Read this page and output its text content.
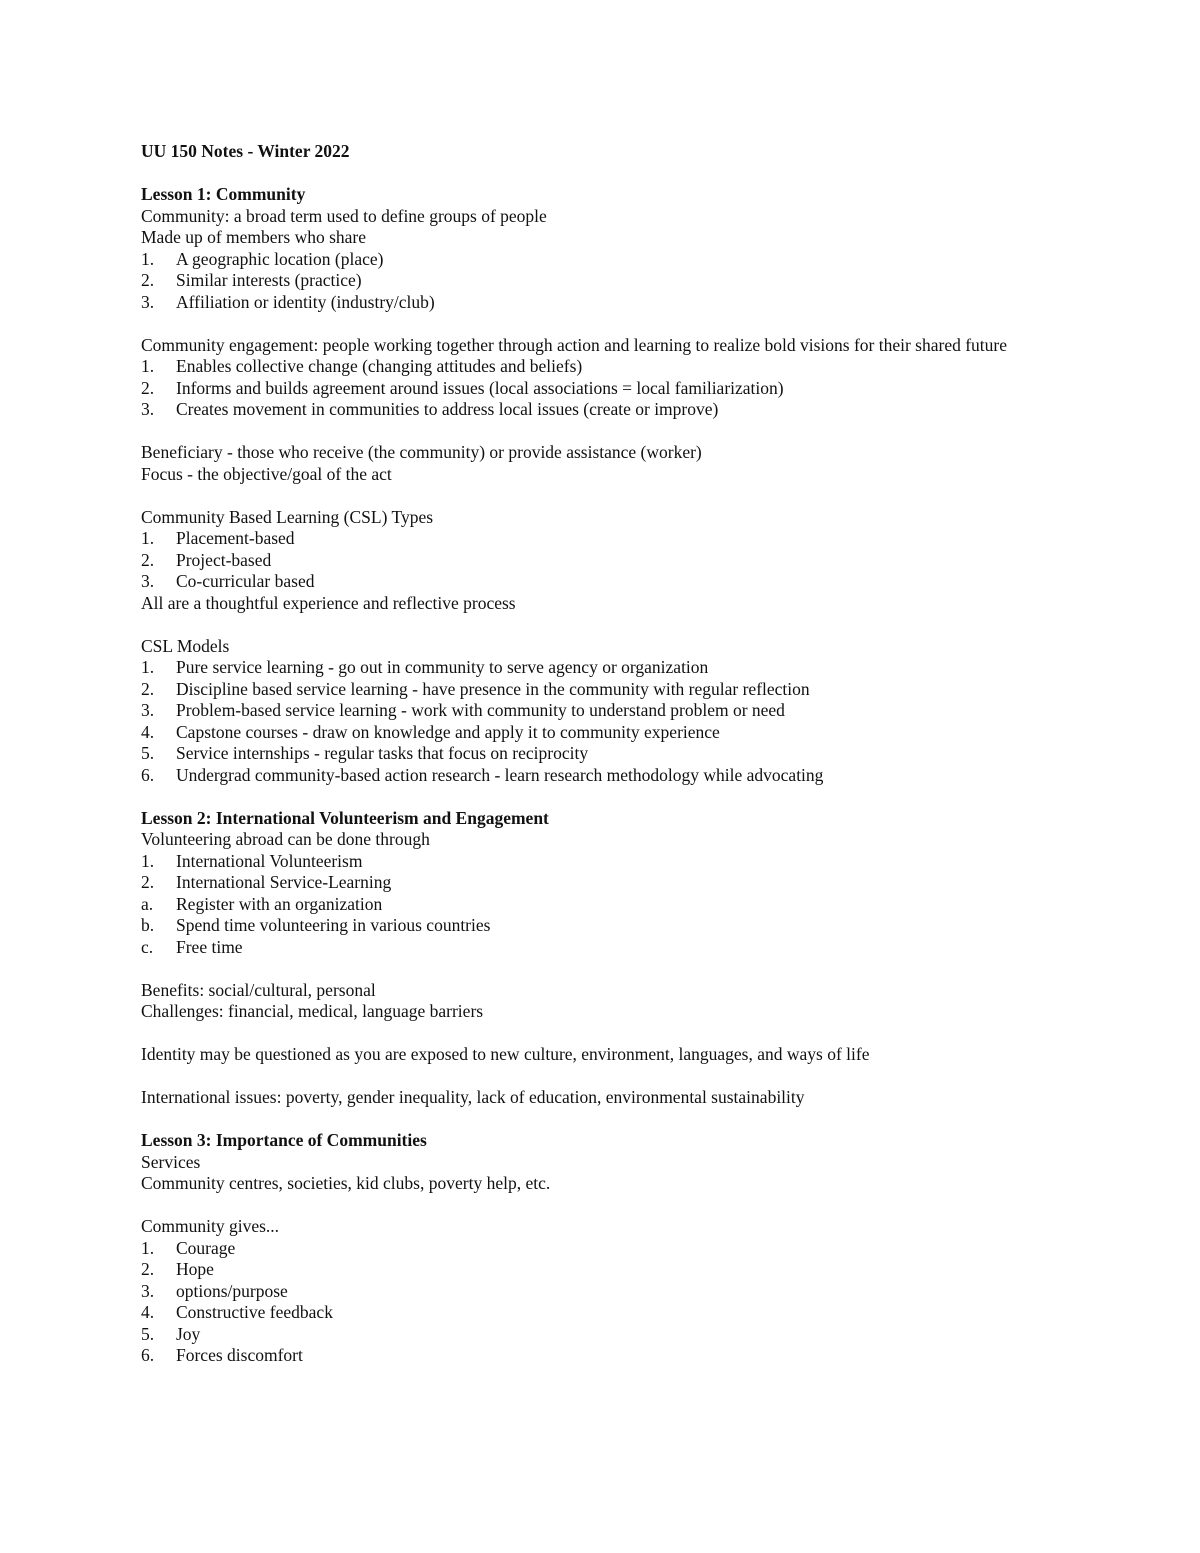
UU 150 Notes - Winter 2022
Lesson 1: Community
Community: a broad term used to define groups of people
Made up of members who share
1.	A geographic location (place)
2.	Similar interests (practice)
3.	Affiliation or identity (industry/club)
Community engagement: people working together through action and learning to realize bold visions for their shared future
1.	Enables collective change (changing attitudes and beliefs)
2.	Informs and builds agreement around issues (local associations = local familiarization)
3.	Creates movement in communities to address local issues (create or improve)
Beneficiary - those who receive (the community) or provide assistance (worker)
Focus - the objective/goal of the act
Community Based Learning (CSL) Types
1.	Placement-based
2.	Project-based
3.	Co-curricular based
All are a thoughtful experience and reflective process
CSL Models
1.	Pure service learning - go out in community to serve agency or organization
2.	Discipline based service learning - have presence in the community with regular reflection
3.	Problem-based service learning - work with community to understand problem or need
4.	Capstone courses - draw on knowledge and apply it to community experience
5.	Service internships - regular tasks that focus on reciprocity
6.	Undergrad community-based action research - learn research methodology while advocating
Lesson 2: International Volunteerism and Engagement
Volunteering abroad can be done through
1.	International Volunteerism
2.	International Service-Learning
a.	Register with an organization
b.	Spend time volunteering in various countries
c.	Free time
Benefits: social/cultural, personal
Challenges: financial, medical, language barriers
Identity may be questioned as you are exposed to new culture, environment, languages, and ways of life
International issues: poverty, gender inequality, lack of education, environmental sustainability
Lesson 3: Importance of Communities
Services
Community centres, societies, kid clubs, poverty help, etc.
Community gives...
1.	Courage
2.	Hope
3.	options/purpose
4.	Constructive feedback
5.	Joy
6.	Forces discomfort
